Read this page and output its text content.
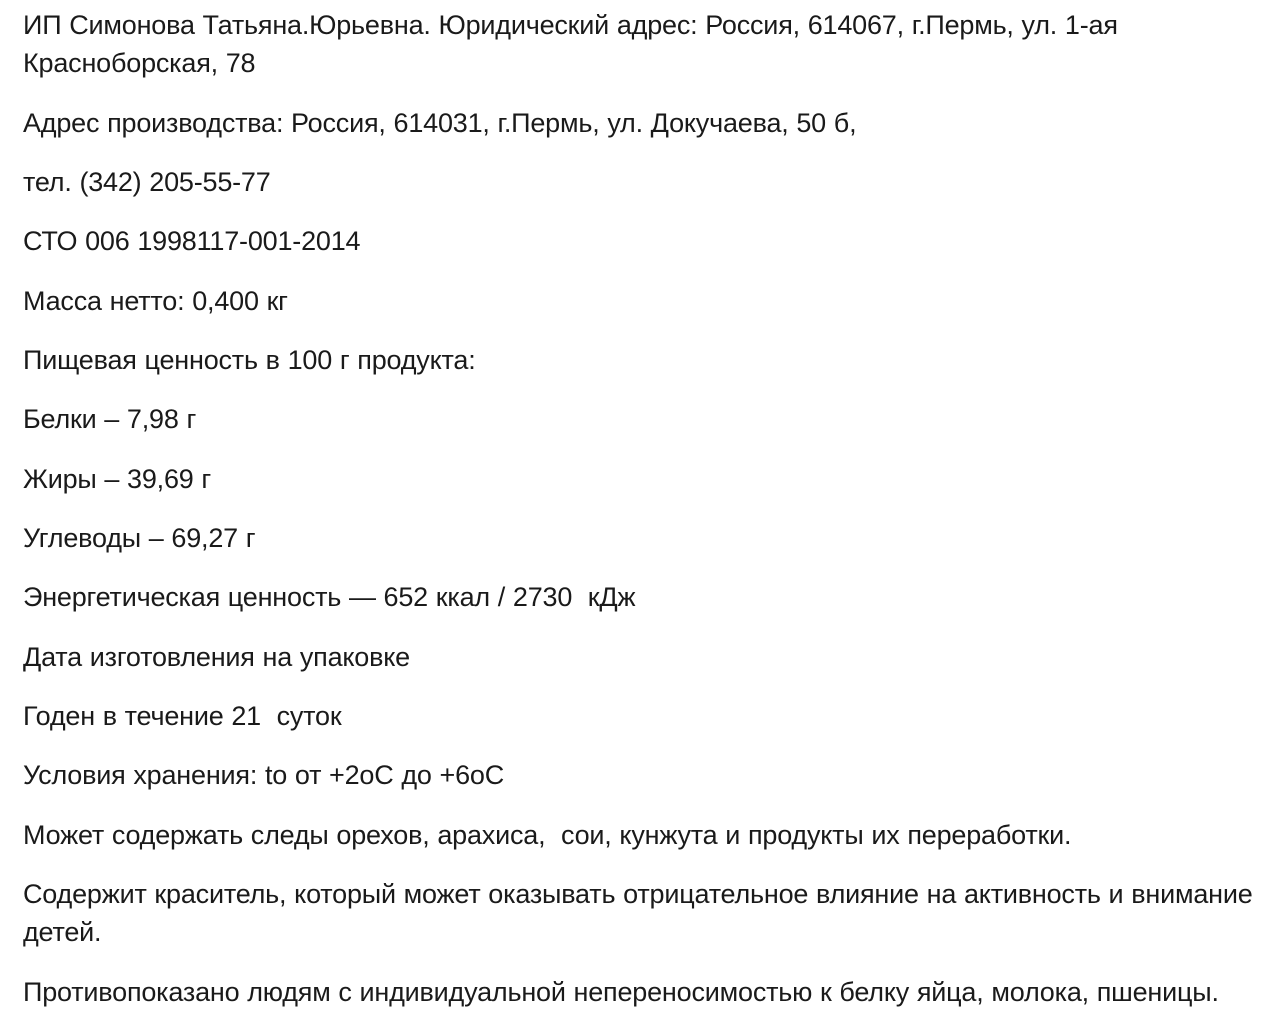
ИП Симонова Татьяна.Юрьевна. Юридический адрес: Россия, 614067, г.Пермь, ул. 1-ая Красноборская, 78

Адрес производства: Россия, 614031, г.Пермь, ул. Докучаева, 50 б,

тел. (342) 205-55-77

СТО 006 1998117-001-2014

Масса нетто: 0,400 кг

Пищевая ценность в 100 г продукта:

Белки – 7,98 г

Жиры – 39,69 г

Углеводы – 69,27 г

Энергетическая ценность — 652 ккал / 2730  кДж

Дата изготовления на упаковке

Годен в течение 21  суток

Условия хранения: to от +2оС до +6оС

Может содержать следы орехов, арахиса,  сои, кунжута и продукты их переработки.

Содержит краситель, который может оказывать отрицательное влияние на активность и внимание детей.

Противопоказано людям с индивидуальной непереносимостью к белку яйца, молока, пшеницы.
